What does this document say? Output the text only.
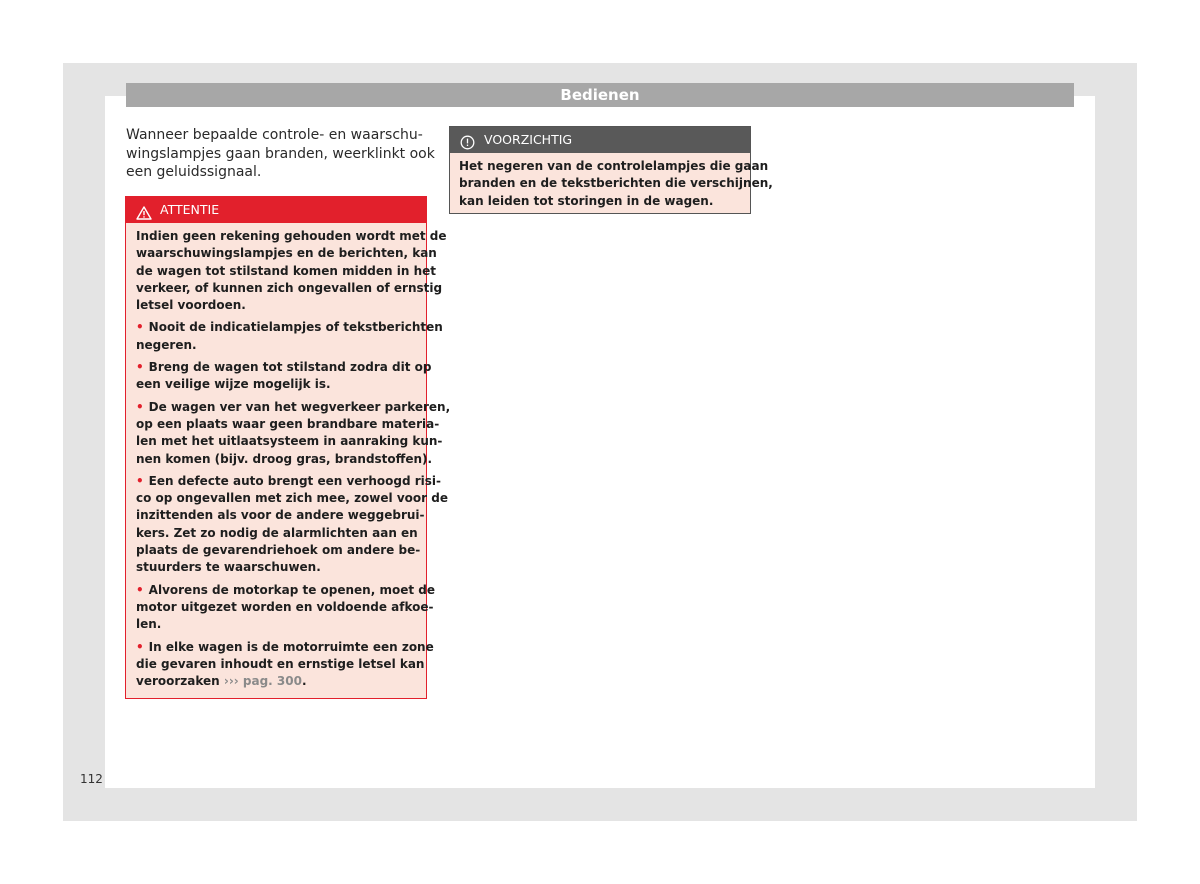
Bedienen
Wanneer bepaalde controle- en waarschu-
wingslampjes gaan branden, weerklinkt ook
een geluidssignaal.
ATTENTIE
Indien geen rekening gehouden wordt met de
waarschuwingslampjes en de berichten, kan
de wagen tot stilstand komen midden in het
verkeer, of kunnen zich ongevallen of ernstig
letsel voordoen.
• Nooit de indicatielampjes of tekstberichten
negeren.
• Breng de wagen tot stilstand zodra dit op
een veilige wijze mogelijk is.
• De wagen ver van het wegverkeer parkeren,
op een plaats waar geen brandbare materia-
len met het uitlaatsysteem in aanraking kun-
nen komen (bijv. droog gras, brandstoffen).
• Een defecte auto brengt een verhoogd risi-
co op ongevallen met zich mee, zowel voor de
inzittenden als voor de andere weggebrui-
kers. Zet zo nodig de alarmlichten aan en
plaats de gevarendriehoek om andere be-
stuurders te waarschuwen.
• Alvorens de motorkap te openen, moet de
motor uitgezet worden en voldoende afkoe-
len.
• In elke wagen is de motorruimte een zone
die gevaren inhoudt en ernstige letsel kan
veroorzaken ››› pag. 300.
VOORZICHTIG
Het negeren van de controlelampjes die gaan
branden en de tekstberichten die verschijnen,
kan leiden tot storingen in de wagen.
112
